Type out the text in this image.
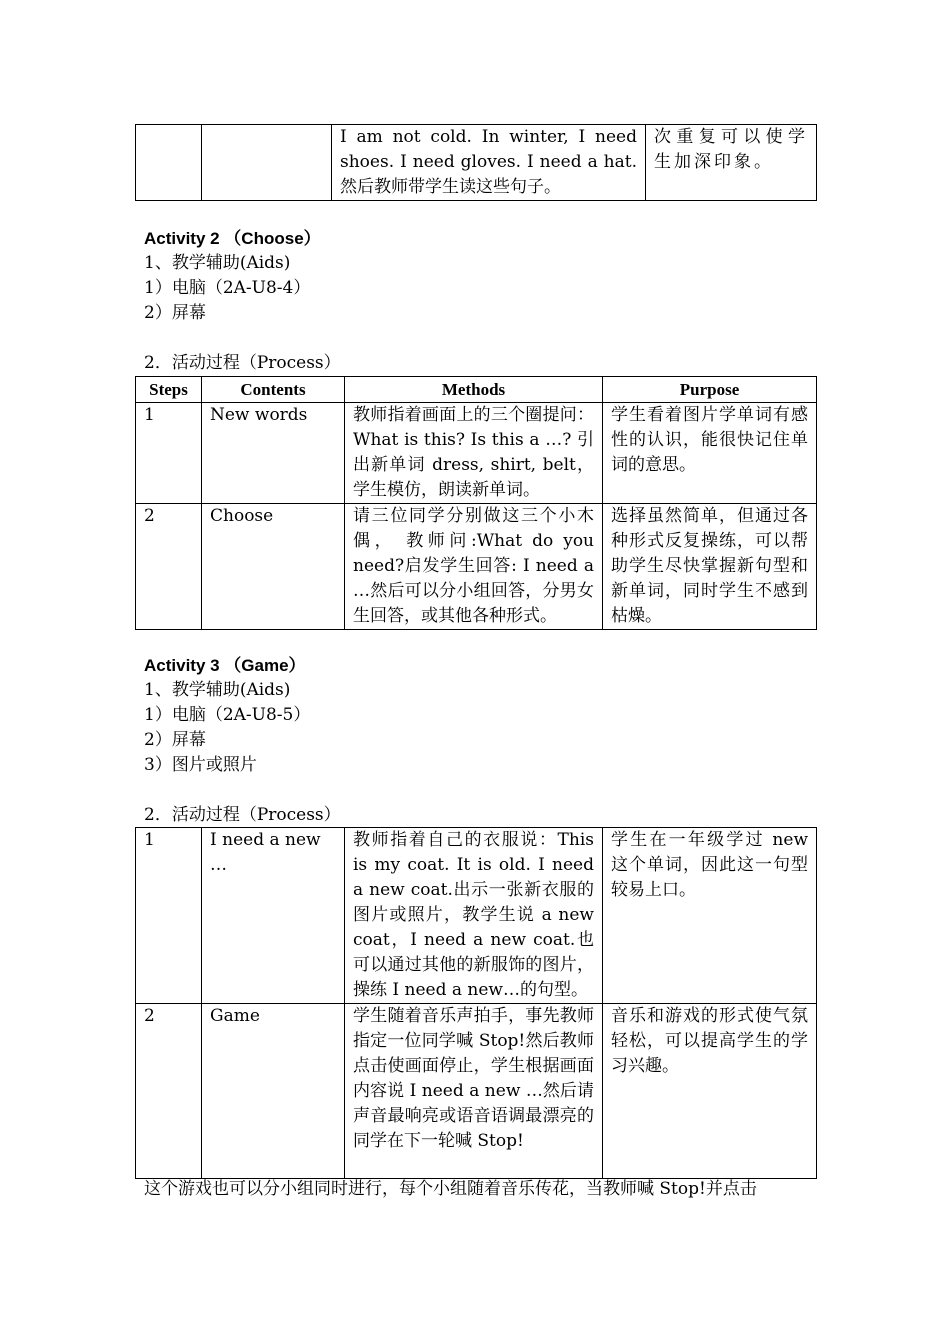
		I am not cold. In winter, I need shoes. I need gloves. I need a hat. 然后教师带学生读这些句子。	次重复可以使学生加深印象。
Activity 2 （Choose）
1、教学辅助(Aids)
1）电脑（2A-U8-4）
2）屏幕
2．活动过程（Process）
Steps	Contents	Methods	Purpose
1	New words	教师指着画面上的三个圈提问：What is this? Is this a …? 引出新单词 dress, shirt, belt，学生模仿，朗读新单词。	学生看着图片学单词有感性的认识，能很快记住单词的意思。
2	Choose	请三位同学分别做这三个小木偶， 教师问:What do you need?启发学生回答: I need a …然后可以分小组回答，分男女生回答，或其他各种形式。	选择虽然简单，但通过各种形式反复操练，可以帮助学生尽快掌握新句型和新单词，同时学生不感到枯燥。
Activity 3 （Game）
1、教学辅助(Aids)
1）电脑（2A-U8-5）
2）屏幕
3）图片或照片
2．活动过程（Process）
1	I need a new …	教师指着自己的衣服说：This is my coat. It is old. I need a new coat.出示一张新衣服的图片或照片，教学生说 a new coat，I need a new coat.也可以通过其他的新服饰的图片，操练 I need a new…的句型。	学生在一年级学过 new 这个单词，因此这一句型较易上口。
2	Game	学生随着音乐声拍手，事先教师指定一位同学喊 Stop!然后教师点击使画面停止，学生根据画面内容说 I need a new …然后请声音最响亮或语音语调最漂亮的同学在下一轮喊 Stop!	音乐和游戏的形式使气氛轻松，可以提高学生的学习兴趣。
这个游戏也可以分小组同时进行，每个小组随着音乐传花，当教师喊 Stop!并点击
